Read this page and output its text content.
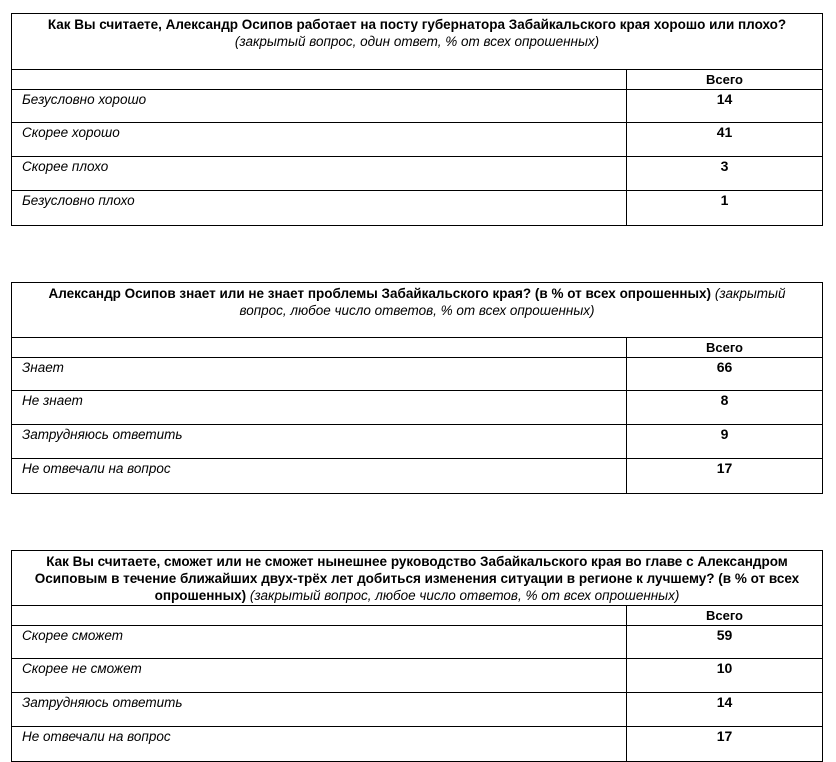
Как Вы считаете, Александр Осипов работает на посту губернатора Забайкальского края хорошо или плохо?
(закрытый вопрос, один ответ, % от всех опрошенных)
Всего
Безусловно хорошо	14
Скорее хорошо	41
Скорее плохо	3
Безусловно плохо	1
Александр Осипов знает или не знает проблемы Забайкальского края? (в % от всех опрошенных) (закрытый вопрос, любое число ответов, % от всех опрошенных)
Всего
Знает	66
Не знает	8
Затрудняюсь ответить	9
Не отвечали на вопрос	17
Как Вы считаете, сможет или не сможет нынешнее руководство Забайкальского края во главе с Александром Осиповым в течение ближайших двух-трёх лет добиться изменения ситуации в регионе к лучшему? (в % от всех опрошенных) (закрытый вопрос, любое число ответов, % от всех опрошенных)
Всего
Скорее сможет	59
Скорее не сможет	10
Затрудняюсь ответить	14
Не отвечали на вопрос	17
